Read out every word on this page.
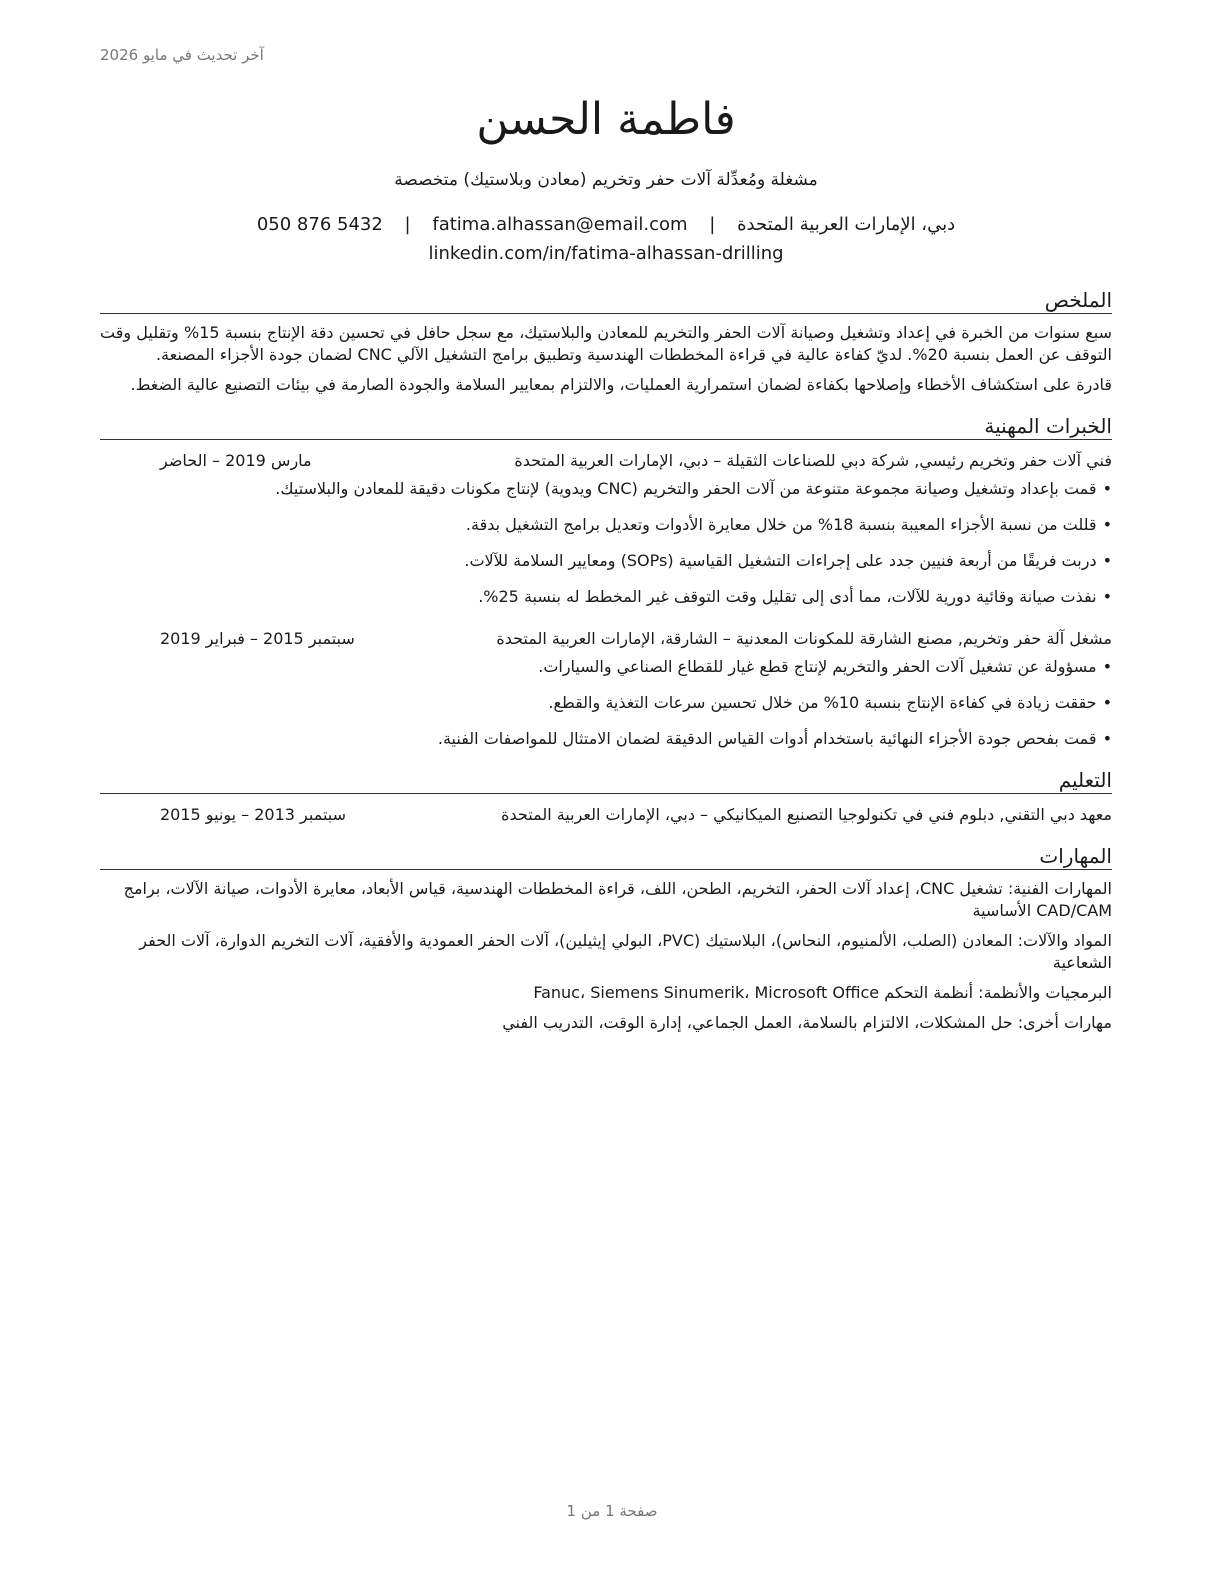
آخر تحديث في مايو 2026
فاطمة الحسن
مشغلة ومُعدِّلة آلات حفر وتخريم (معادن وبلاستيك) متخصصة
دبي، الإمارات العربية المتحدة | fatima.alhassan@email.com | 050 876 5432
linkedin.com/in/fatima-alhassan-drilling
الملخص

سبع سنوات من الخبرة في إعداد وتشغيل وصيانة آلات الحفر والتخريم للمعادن والبلاستيك، مع سجل حافل في تحسين دقة الإنتاج بنسبة 15% وتقليل وقت التوقف عن العمل بنسبة 20%. لديّ كفاءة عالية في قراءة المخططات الهندسية وتطبيق برامج التشغيل الآلي CNC لضمان جودة الأجزاء المصنعة.

قادرة على استكشاف الأخطاء وإصلاحها بكفاءة لضمان استمرارية العمليات، والالتزام بمعايير السلامة والجودة الصارمة في بيئات التصنيع عالية الضغط.

الخبرات المهنية
فني آلات حفر وتخريم رئيسي, شركة دبي للصناعات الثقيلة – دبي، الإمارات العربية المتحدة
مارس 2019 – الحاضر
• قمت بإعداد وتشغيل وصيانة مجموعة متنوعة من آلات الحفر والتخريم (CNC ويدوية) لإنتاج مكونات دقيقة للمعادن والبلاستيك.
• قللت من نسبة الأجزاء المعيبة بنسبة 18% من خلال معايرة الأدوات وتعديل برامج التشغيل بدقة.
• دربت فريقًا من أربعة فنيين جدد على إجراءات التشغيل القياسية (SOPs) ومعايير السلامة للآلات.
• نفذت صيانة وقائية دورية للآلات، مما أدى إلى تقليل وقت التوقف غير المخطط له بنسبة 25%.
مشغل آلة حفر وتخريم, مصنع الشارقة للمكونات المعدنية – الشارقة، الإمارات العربية المتحدة
سبتمبر 2015 – فبراير 2019
• مسؤولة عن تشغيل آلات الحفر والتخريم لإنتاج قطع غيار للقطاع الصناعي والسيارات.
• حققت زيادة في كفاءة الإنتاج بنسبة 10% من خلال تحسين سرعات التغذية والقطع.
• قمت بفحص جودة الأجزاء النهائية باستخدام أدوات القياس الدقيقة لضمان الامتثال للمواصفات الفنية.
التعليم
معهد دبي التقني, دبلوم فني في تكنولوجيا التصنيع الميكانيكي – دبي، الإمارات العربية المتحدة
سبتمبر 2013 – يونيو 2015
المهارات
المهارات الفنية: تشغيل CNC، إعداد آلات الحفر، التخريم، الطحن، اللف، قراءة المخططات الهندسية، قياس الأبعاد، معايرة الأدوات، صيانة الآلات، برامج CAD/CAM الأساسية
المواد والآلات: المعادن (الصلب، الألمنيوم، النحاس)، البلاستيك (PVC، البولي إيثيلين)، آلات الحفر العمودية والأفقية، آلات التخريم الدوارة، آلات الحفر الشعاعية
البرمجيات والأنظمة: أنظمة التحكم Fanuc، Siemens Sinumerik، Microsoft Office
مهارات أخرى: حل المشكلات، الالتزام بالسلامة، العمل الجماعي، إدارة الوقت، التدريب الفني
صفحة 1 من 1
